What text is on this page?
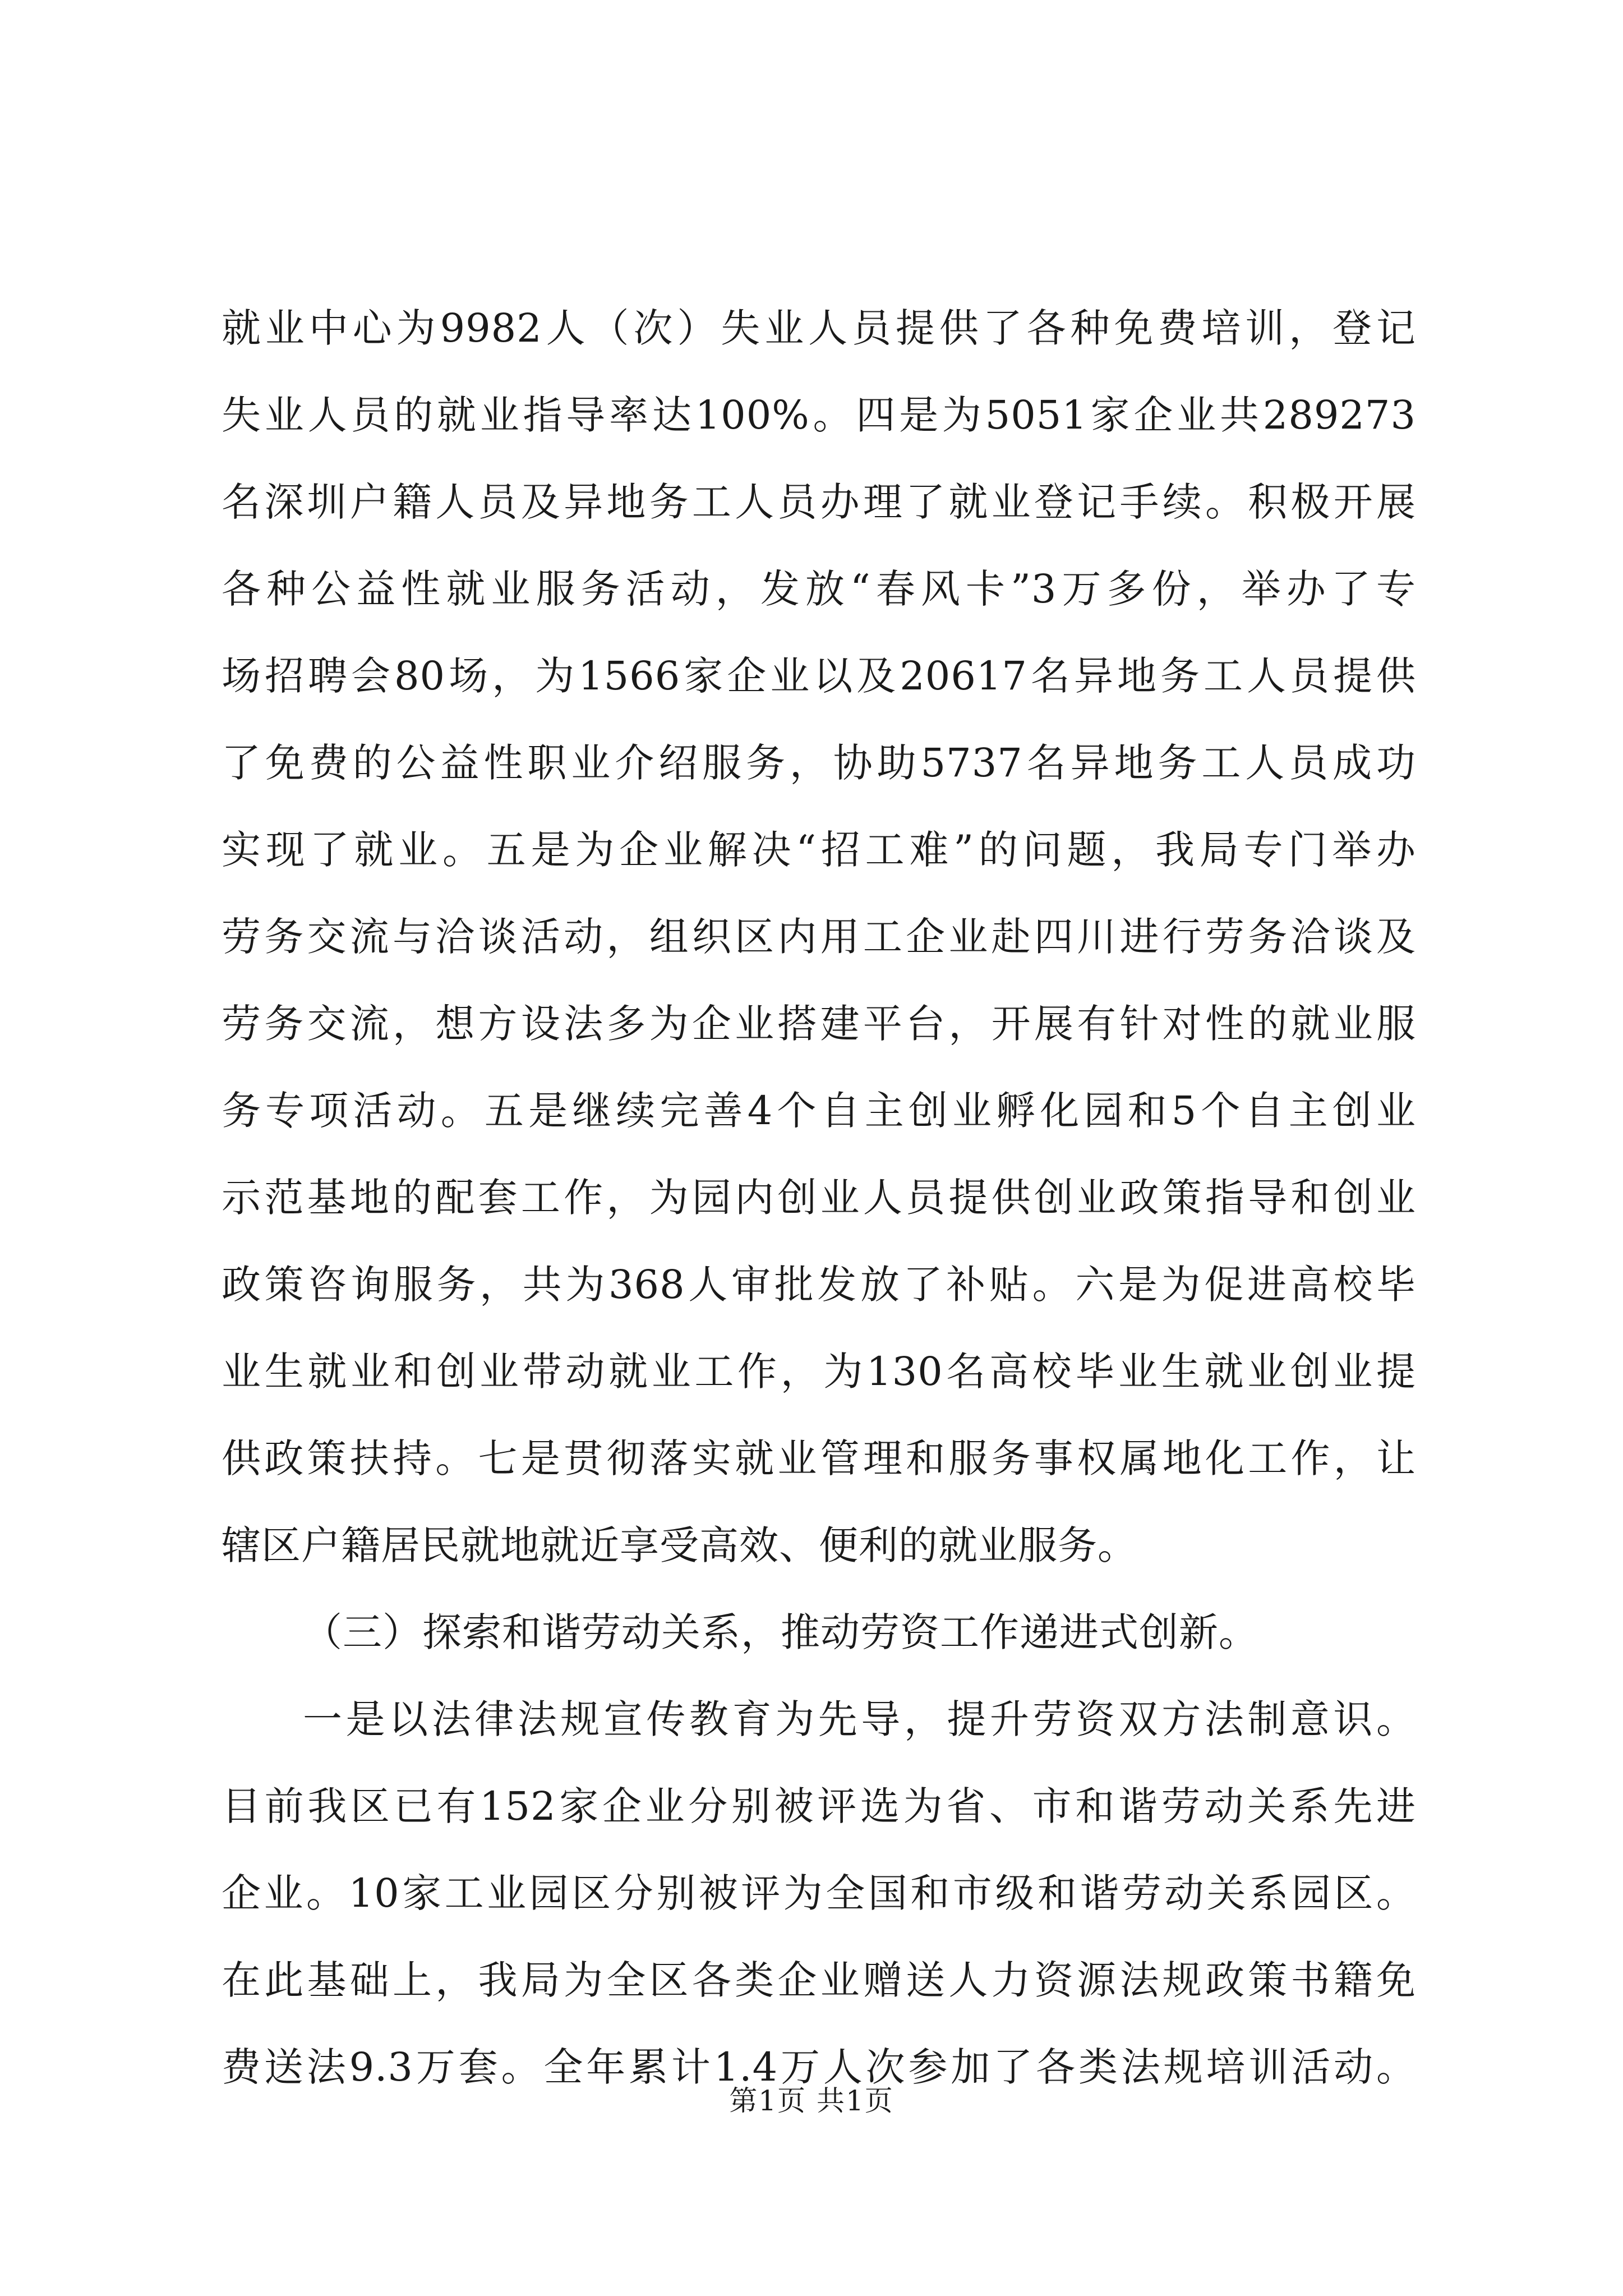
就业中心为9982人（次）失业人员提供了各种免费培训，登记
失业人员的就业指导率达100%。四是为5051家企业共289273
名深圳户籍人员及异地务工人员办理了就业登记手续。积极开展
各种公益性就业服务活动，发放“春风卡”3万多份，举办了专
场招聘会80场，为1566家企业以及20617名异地务工人员提供
了免费的公益性职业介绍服务，协助5737名异地务工人员成功
实现了就业。五是为企业解决“招工难”的问题，我局专门举办
劳务交流与洽谈活动，组织区内用工企业赴四川进行劳务洽谈及
劳务交流，想方设法多为企业搭建平台，开展有针对性的就业服
务专项活动。五是继续完善4个自主创业孵化园和5个自主创业
示范基地的配套工作，为园内创业人员提供创业政策指导和创业
政策咨询服务，共为368人审批发放了补贴。六是为促进高校毕
业生就业和创业带动就业工作，为130名高校毕业生就业创业提
供政策扶持。七是贯彻落实就业管理和服务事权属地化工作，让
辖区户籍居民就地就近享受高效、便利的就业服务。
（三）探索和谐劳动关系，推动劳资工作递进式创新。
一是以法律法规宣传教育为先导，提升劳资双方法制意识。
目前我区已有152家企业分别被评选为省、市和谐劳动关系先进
企业。10家工业园区分别被评为全国和市级和谐劳动关系园区。
在此基础上，我局为全区各类企业赠送人力资源法规政策书籍免
费送法9.3万套。全年累计1.4万人次参加了各类法规培训活动。
第1页 共1页
